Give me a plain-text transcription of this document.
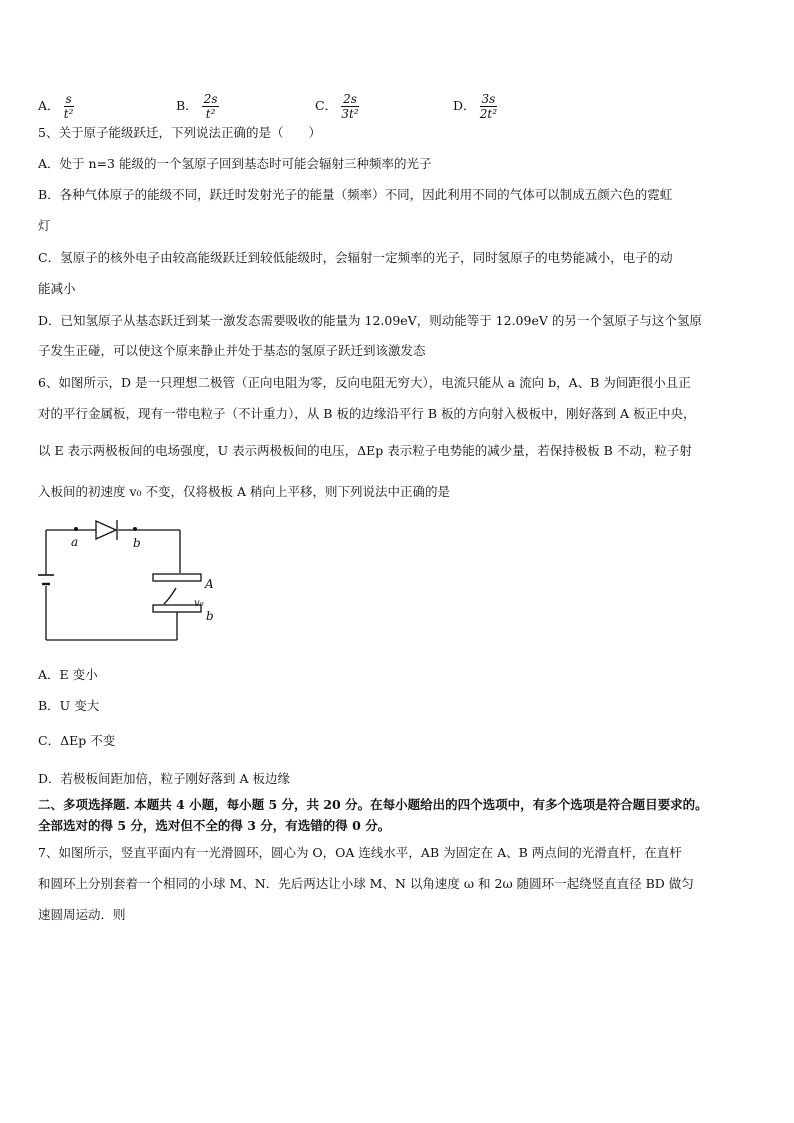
A． $\frac{s}{\text{t²}}$	B． $\frac{2s}{\text{t²}}$	C． $\frac{2s}{\text{3t²}}$	D． $\frac{3s}{\text{2t²}}$
5、关于原子能级跃迁，下列说法正确的是（　　）
A．处于 n=3 能级的一个氢原子回到基态时可能会辐射三种频率的光子
B．各种气体原子的能级不同，跃迁时发射光子的能量（频率）不同，因此利用不同的气体可以制成五颜六色的霓虹
灯
C．氢原子的核外电子由较高能级跃迁到较低能级时，会辐射一定频率的光子，同时氢原子的电势能减小，电子的动
能减小
D．已知氢原子从基态跃迁到某一激发态需要吸收的能量为 12.09eV，则动能等于 12.09eV 的另一个氢原子与这个氢原
子发生正碰，可以使这个原来静止并处于基态的氢原子跃迁到该激发态
6、如图所示，D 是一只理想二极管（正向电阻为零，反向电阻无穷大），电流只能从 a 流向 b，A、B 为间距很小且正
对的平行金属板，现有一带电粒子（不计重力），从 B 板的边缘沿平行 B 板的方向射入极板中，刚好落到 A 板正中央，
以 E 表示两极板间的电场强度，U 表示两极板间的电压，ΔEp 表示粒子电势能的减少量，若保持极板 B 不动，粒子射
入板间的初速度 v₀ 不变，仅将极板 A 稍向上平移，则下列说法中正确的是
a	b
A
b
v₀
A．E 变小
B．U 变大
C．ΔEp 不变
D．若极板间距加倍，粒子刚好落到 A 板边缘
二、多项选择题. 本题共 4 小题，每小题 5 分，共 20 分。在每小题给出的四个选项中，有多个选项是符合题目要求的。
全部选对的得 5 分，选对但不全的得 3 分，有选错的得 0 分。
7、如图所示，竖直平面内有一光滑圆环，圆心为 O，OA 连线水平，AB 为固定在 A、B 两点间的光滑直杆，在直杆
和圆环上分别套着一个相同的小球 M、N．先后两达让小球 M、N 以角速度 ω 和 2ω 随圆环一起绕竖直直径 BD 做匀
速圆周运动．则
